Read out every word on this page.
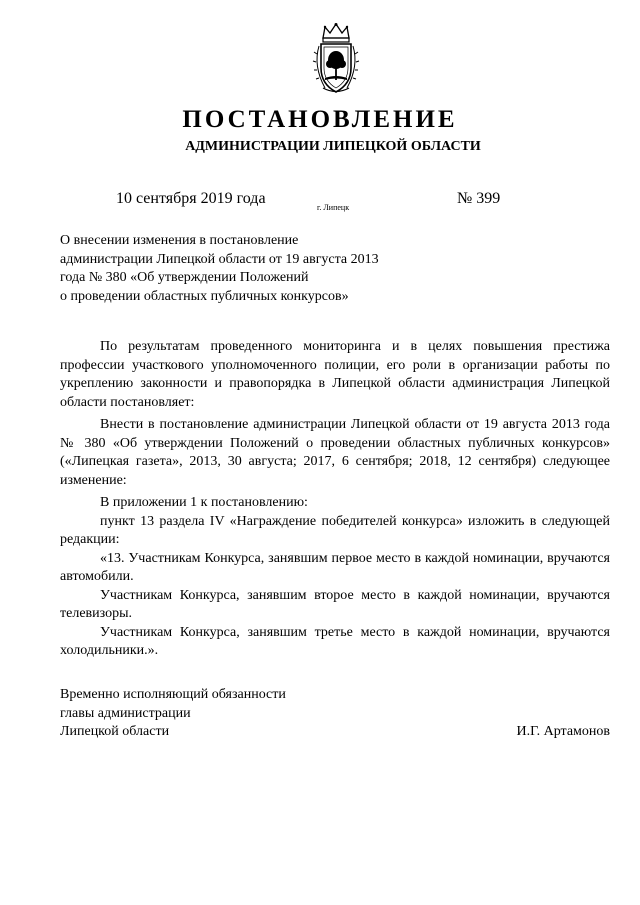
ПОСТАНОВЛЕНИЕ
АДМИНИСТРАЦИИ ЛИПЕЦКОЙ ОБЛАСТИ
10 сентября 2019 года
г. Липецк
№ 399
О внесении изменения в постановление
администрации Липецкой области от 19 августа 2013
года № 380 «Об утверждении Положений
о проведении областных публичных конкурсов»

По результатам проведенного мониторинга и в целях повышения престижа профессии участкового уполномоченного полиции, его роли в организации работы по укреплению законности и правопорядка в Липецкой области администрация Липецкой области постановляет:

Внести в постановление администрации Липецкой области от 19 августа 2013 года № 380 «Об утверждении Положений о проведении областных публичных конкурсов» («Липецкая газета», 2013, 30 августа; 2017, 6 сентября; 2018, 12 сентября) следующее изменение:

В приложении 1 к постановлению:

пункт 13 раздела IV «Награждение победителей конкурса» изложить в следующей редакции:

«13. Участникам Конкурса, занявшим первое место в каждой номинации, вручаются автомобили.

Участникам Конкурса, занявшим второе место в каждой номинации, вручаются телевизоры.

Участникам Конкурса, занявшим третье место в каждой номинации, вручаются холодильники.».

Временно исполняющий обязанности
главы администрации
Липецкой области	И.Г. Артамонов
